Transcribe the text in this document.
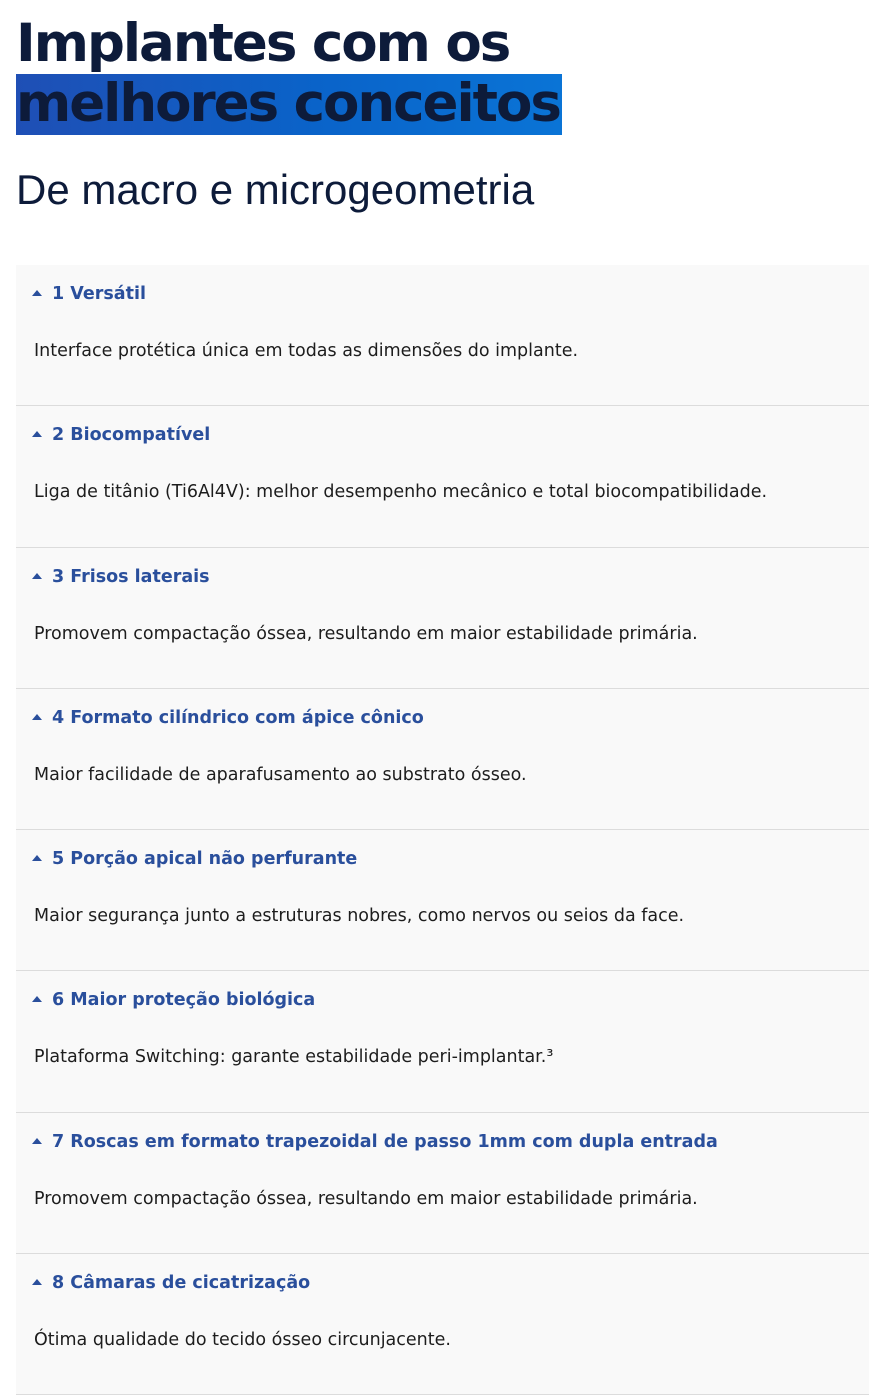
Implantes com os
melhores conceitos
De macro e microgeometria
1 Versátil
Interface protética única em todas as dimensões do implante.
2 Biocompatível
Liga de titânio (Ti6Al4V): melhor desempenho mecânico e total biocompatibilidade.
3 Frisos laterais
Promovem compactação óssea, resultando em maior estabilidade primária.
4 Formato cilíndrico com ápice cônico
Maior facilidade de aparafusamento ao substrato ósseo.
5 Porção apical não perfurante
Maior segurança junto a estruturas nobres, como nervos ou seios da face.
6 Maior proteção biológica
Plataforma Switching: garante estabilidade peri-implantar.³
7 Roscas em formato trapezoidal de passo 1mm com dupla entrada
Promovem compactação óssea, resultando em maior estabilidade primária.
8 Câmaras de cicatrização
Ótima qualidade do tecido ósseo circunjacente.
